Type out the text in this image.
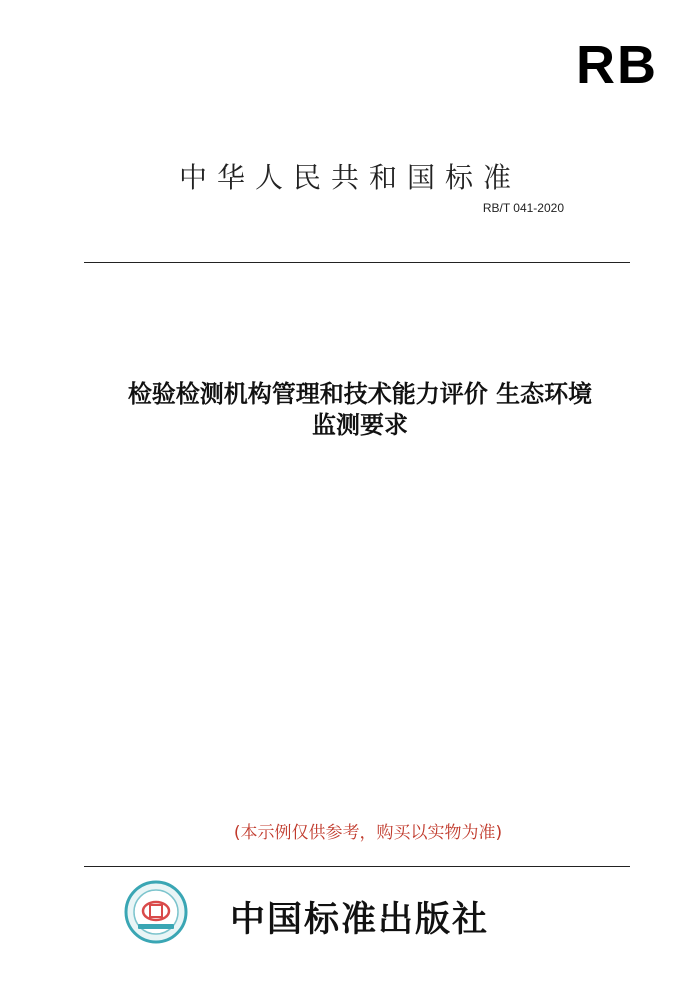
RB
中华人民共和国标准
RB/T 041-2020
检验检测机构管理和技术能力评价 生态环境
监测要求
(本示例仅供参考，购买以实物为准)
中国标准出版社
